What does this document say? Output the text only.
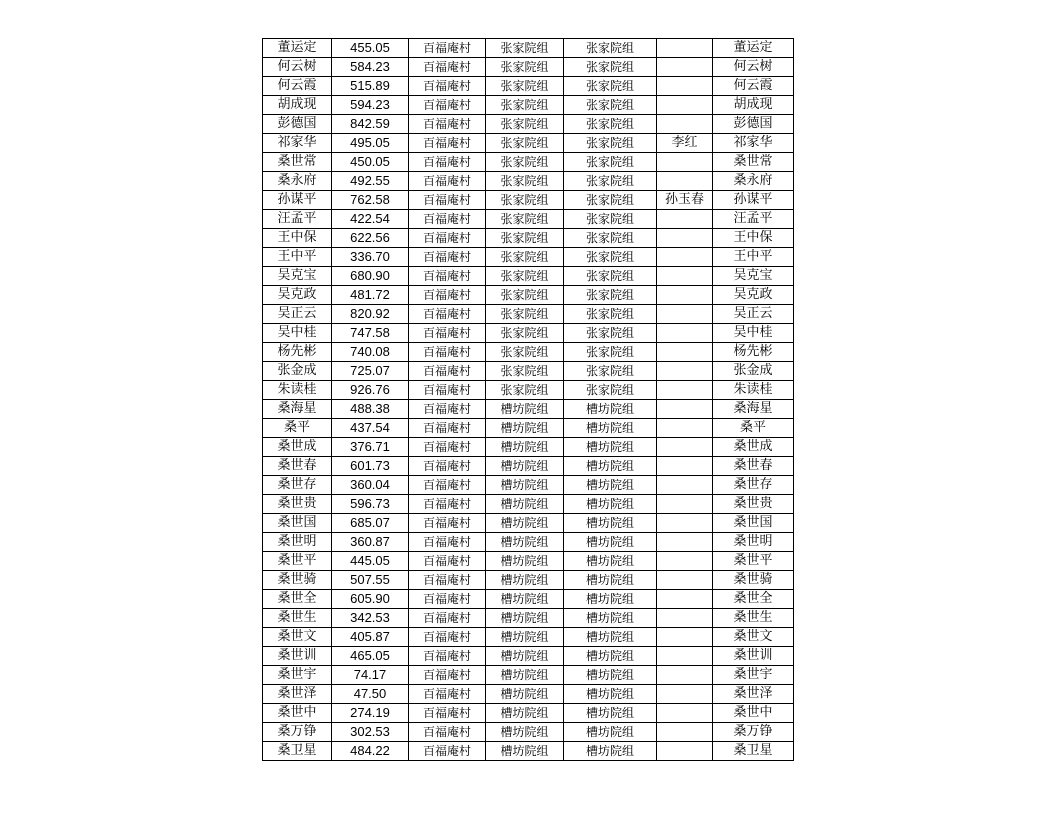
董运定	455.05	百福庵村	张家院组	张家院组		董运定
何云树	584.23	百福庵村	张家院组	张家院组		何云树
何云霞	515.89	百福庵村	张家院组	张家院组		何云霞
胡成现	594.23	百福庵村	张家院组	张家院组		胡成现
彭德国	842.59	百福庵村	张家院组	张家院组		彭德国
祁家华	495.05	百福庵村	张家院组	张家院组	李红	祁家华
桑世常	450.05	百福庵村	张家院组	张家院组		桑世常
桑永府	492.55	百福庵村	张家院组	张家院组		桑永府
孙谋平	762.58	百福庵村	张家院组	张家院组	孙玉春	孙谋平
汪孟平	422.54	百福庵村	张家院组	张家院组		汪孟平
王中保	622.56	百福庵村	张家院组	张家院组		王中保
王中平	336.70	百福庵村	张家院组	张家院组		王中平
吴克宝	680.90	百福庵村	张家院组	张家院组		吴克宝
吴克政	481.72	百福庵村	张家院组	张家院组		吴克政
吴正云	820.92	百福庵村	张家院组	张家院组		吴正云
吴中桂	747.58	百福庵村	张家院组	张家院组		吴中桂
杨先彬	740.08	百福庵村	张家院组	张家院组		杨先彬
张金成	725.07	百福庵村	张家院组	张家院组		张金成
朱读桂	926.76	百福庵村	张家院组	张家院组		朱读桂
桑海星	488.38	百福庵村	槽坊院组	槽坊院组		桑海星
桑平	437.54	百福庵村	槽坊院组	槽坊院组		桑平
桑世成	376.71	百福庵村	槽坊院组	槽坊院组		桑世成
桑世春	601.73	百福庵村	槽坊院组	槽坊院组		桑世春
桑世存	360.04	百福庵村	槽坊院组	槽坊院组		桑世存
桑世贵	596.73	百福庵村	槽坊院组	槽坊院组		桑世贵
桑世国	685.07	百福庵村	槽坊院组	槽坊院组		桑世国
桑世明	360.87	百福庵村	槽坊院组	槽坊院组		桑世明
桑世平	445.05	百福庵村	槽坊院组	槽坊院组		桑世平
桑世骑	507.55	百福庵村	槽坊院组	槽坊院组		桑世骑
桑世全	605.90	百福庵村	槽坊院组	槽坊院组		桑世全
桑世生	342.53	百福庵村	槽坊院组	槽坊院组		桑世生
桑世文	405.87	百福庵村	槽坊院组	槽坊院组		桑世文
桑世训	465.05	百福庵村	槽坊院组	槽坊院组		桑世训
桑世宇	74.17	百福庵村	槽坊院组	槽坊院组		桑世宇
桑世泽	47.50	百福庵村	槽坊院组	槽坊院组		桑世泽
桑世中	274.19	百福庵村	槽坊院组	槽坊院组		桑世中
桑万铮	302.53	百福庵村	槽坊院组	槽坊院组		桑万铮
桑卫星	484.22	百福庵村	槽坊院组	槽坊院组		桑卫星
